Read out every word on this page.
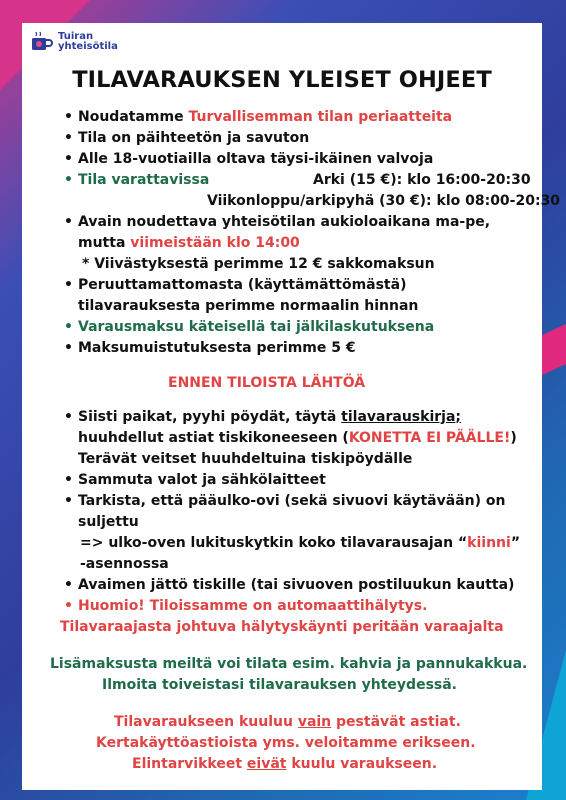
Tuiran
yhteisötila
TILAVARAUKSEN YLEISET OHJEET
• Noudatamme Turvallisemman tilan periaatteita
• Tila on päihteetön ja savuton
• Alle 18-vuotiailla oltava täysi-ikäinen valvoja
• Tila varattavissa	Arki (15 €): klo 16:00-20:30
Viikonloppu/arkipyhä (30 €): klo 08:00-20:30
• Avain noudettava yhteisötilan aukioloaikana ma-pe,
mutta viimeistään klo 14:00
* Viivästyksestä perimme 12 € sakkomaksun
• Peruuttamattomasta (käyttämättömästä)
tilavarauksesta perimme normaalin hinnan
• Varausmaksu käteisellä tai jälkilaskutuksena
• Maksumuistutuksesta perimme 5 €
ENNEN TILOISTA LÄHTÖÄ
• Siisti paikat, pyyhi pöydät, täytä tilavarauskirja;
huuhdellut astiat tiskikoneeseen (KONETTA EI PÄÄLLE!)
Terävät veitset huuhdeltuina tiskipöydälle
• Sammuta valot ja sähkölaitteet
• Tarkista, että pääulko-ovi (sekä sivuovi käytävään) on
suljettu
=> ulko-oven lukituskytkin koko tilavarausajan “kiinni”
-asennossa
• Avaimen jättö tiskille (tai sivuoven postiluukun kautta)
• Huomio! Tiloissamme on automaattihälytys.
Tilavaraajasta johtuva hälytyskäynti peritään varaajalta
Lisämaksusta meiltä voi tilata esim. kahvia ja pannukakkua.
Ilmoita toiveistasi tilavarauksen yhteydessä.
Tilavaraukseen kuuluu vain pestävät astiat.
Kertakäyttöastioista yms. veloitamme erikseen.
Elintarvikkeet eivät kuulu varaukseen.
